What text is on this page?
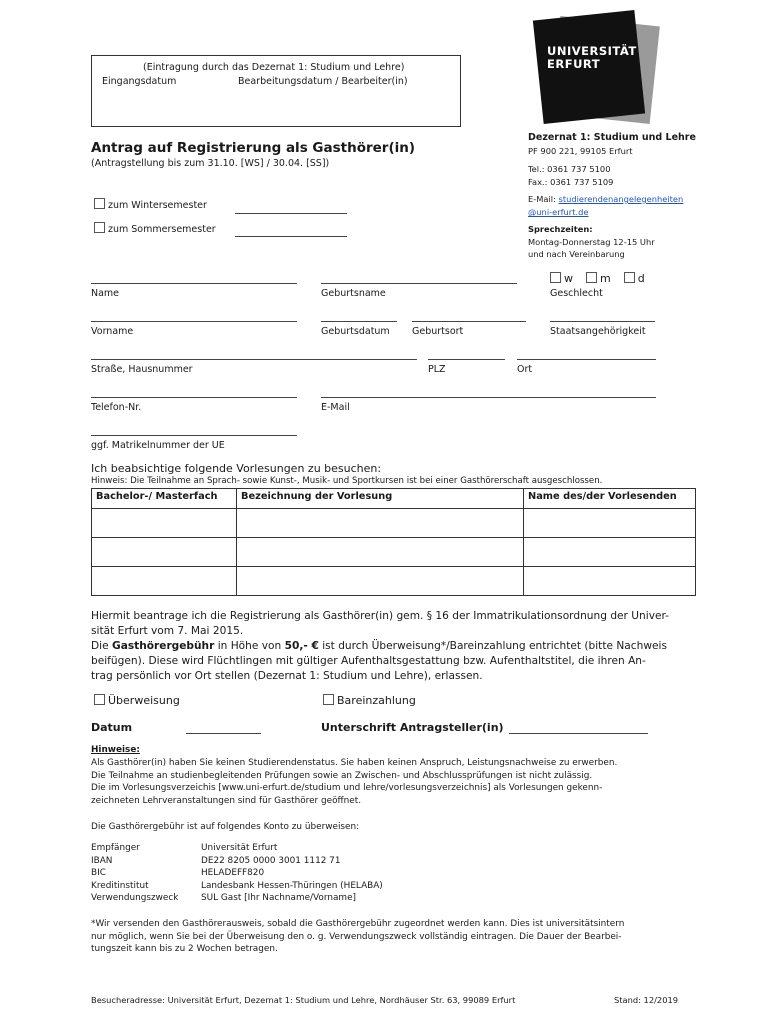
(Eintragung durch das Dezernat 1: Studium und Lehre)
Eingangsdatum	Bearbeitungsdatum / Bearbeiter(in)
UNIVERSITÄT
ERFURT
Dezernat 1: Studium und Lehre
PF 900 221, 99105 Erfurt
Tel.: 0361 737 5100
Fax.: 0361 737 5109
E-Mail: studierendenangelegenheiten
@uni-erfurt.de
Sprechzeiten:
Montag-Donnerstag 12-15 Uhr
und nach Vereinbarung
Antrag auf Registrierung als Gasthörer(in)
(Antragstellung bis zum 31.10. [WS] / 30.04. [SS])
zum Wintersemester
zum Sommersemester
w m d
Name	Geburtsname	Geschlecht
Vorname	Geburtsdatum Geburtsort	Staatsangehörigkeit
Straße, Hausnummer	PLZ	Ort
Telefon-Nr.	E-Mail
ggf. Matrikelnummer der UE
Ich beabsichtige folgende Vorlesungen zu besuchen:
Hinweis: Die Teilnahme an Sprach- sowie Kunst-, Musik- und Sportkursen ist bei einer Gasthörerschaft ausgeschlossen.
Bachelor-/ Masterfach	Bezeichnung der Vorlesung	Name des/der Vorlesenden

Hiermit beantrage ich die Registrierung als Gasthörer(in) gem. § 16 der Immatrikulationsordnung der Univer-
sität Erfurt vom 7. Mai 2015.
Die Gasthörergebühr in Höhe von 50,- € ist durch Überweisung*/Bareinzahlung entrichtet (bitte Nachweis
beifügen). Diese wird Flüchtlingen mit gültiger Aufenthaltsgestattung bzw. Aufenthaltstitel, die ihren An-
trag persönlich vor Ort stellen (Dezernat 1: Studium und Lehre), erlassen.
Überweisung	Bareinzahlung
Datum	Unterschrift Antragsteller(in)
Hinweise:
Als Gasthörer(in) haben Sie keinen Studierendenstatus. Sie haben keinen Anspruch, Leistungsnachweise zu erwerben.
Die Teilnahme an studienbegleitenden Prüfungen sowie an Zwischen- und Abschlussprüfungen ist nicht zulässig.
Die im Vorlesungsverzeichis [www.uni-erfurt.de/studium und lehre/vorlesungsverzeichnis] als Vorlesungen gekenn-
zeichneten Lehrveranstaltungen sind für Gasthörer geöffnet.
Die Gasthörergebühr ist auf folgendes Konto zu überweisen:
Empfänger	Universität Erfurt
IBAN	DE22 8205 0000 3001 1112 71
BIC	HELADEFF820
Kreditinstitut	Landesbank Hessen-Thüringen (HELABA)
Verwendungszweck	SUL Gast [Ihr Nachname/Vorname]
*Wir versenden den Gasthörerausweis, sobald die Gasthörergebühr zugeordnet werden kann. Dies ist universitätsintern
nur möglich, wenn Sie bei der Überweisung den o. g. Verwendungszweck vollständig eintragen. Die Dauer der Bearbei-
tungszeit kann bis zu 2 Wochen betragen.
Besucheradresse: Universität Erfurt, Dezernat 1: Studium und Lehre, Nordhäuser Str. 63, 99089 Erfurt	Stand: 12/2019
